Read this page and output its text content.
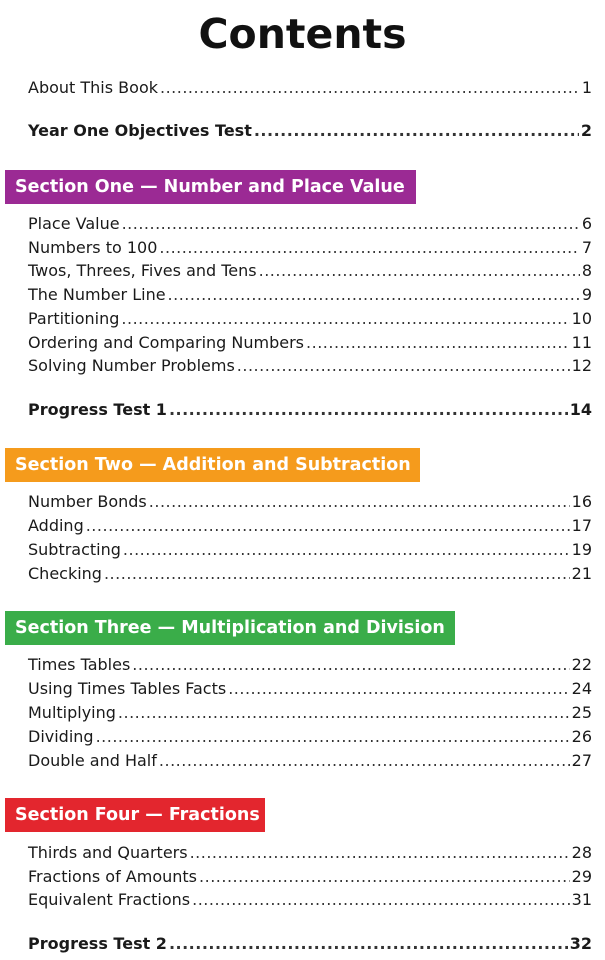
Contents
About This Book .....	1
Year One Objectives Test .....	2
Section One — Number and Place Value
Place Value .....	6
Numbers to 100 .....	7
Twos, Threes, Fives and Tens .....	8
The Number Line .....	9
Partitioning .....	10
Ordering and Comparing Numbers .....	11
Solving Number Problems .....	12
Progress Test 1 .....	14
Section Two — Addition and Subtraction
Number Bonds .....	16
Adding .....	17
Subtracting .....	19
Checking .....	21
Section Three — Multiplication and Division
Times Tables .....	22
Using Times Tables Facts .....	24
Multiplying .....	25
Dividing .....	26
Double and Half .....	27
Section Four — Fractions
Thirds and Quarters .....	28
Fractions of Amounts .....	29
Equivalent Fractions .....	31
Progress Test 2 .....	32
